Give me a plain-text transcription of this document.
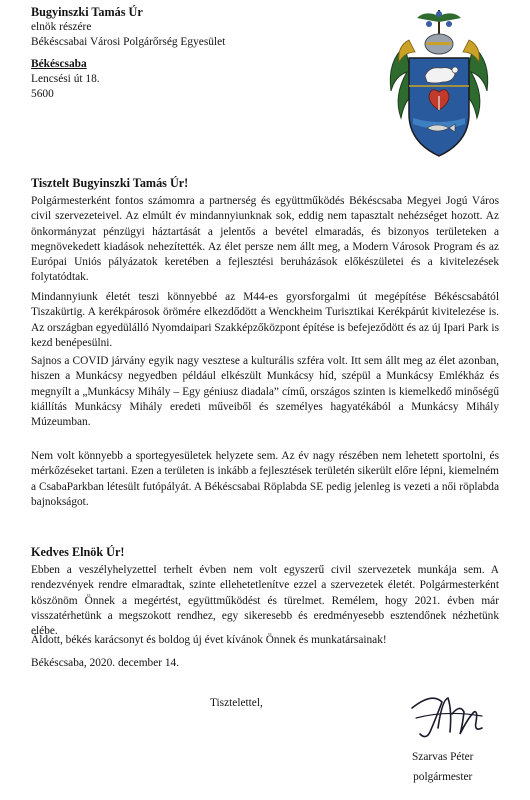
Bugyinszki Tamás Úr
elnök részére
Békéscsabai Városi Polgárőrség Egyesület
Békéscsaba
Lencsési út 18.
5600
Tisztelt Bugyinszki Tamás Úr!
Polgármesterként fontos számomra a partnerség és együttműködés Békéscsaba Megyei Jogú Város civil szervezeteivel. Az elmúlt év mindannyiunknak sok, eddig nem tapasztalt nehézséget hozott. Az önkormányzat pénzügyi háztartását a jelentős a bevétel elmaradás, és bizonyos területeken a megnövekedett kiadások nehezítették. Az élet persze nem állt meg, a Modern Városok Program és az Európai Uniós pályázatok keretében a fejlesztési beruházások előkészületei és a kivitelezések folytatódtak.
Mindannyiunk életét teszi könnyebbé az M44-es gyorsforgalmi út megépítése Békéscsabától Tiszakürtig. A kerékpárosok örömére elkezdődött a Wenckheim Turisztikai Kerékpárút kivitelezése is. Az országban egyedülálló Nyomdaipari Szakképzőközpont építése is befejeződött és az új Ipari Park is kezd benépesülni.
Sajnos a COVID járvány egyik nagy vesztese a kulturális szféra volt. Itt sem állt meg az élet azonban, hiszen a Munkácsy negyedben például elkészült Munkácsy híd, szépül a Munkácsy Emlékház és megnyílt a „Munkácsy Mihály – Egy géniusz diadala” című, országos szinten is kiemelkedő minőségű kiállítás Munkácsy Mihály eredeti műveiből és személyes hagyatékából a Munkácsy Mihály Múzeumban.
Nem volt könnyebb a sportegyesületek helyzete sem. Az év nagy részében nem lehetett sportolni, és mérkőzéseket tartani. Ezen a területen is inkább a fejlesztések területén sikerült előre lépni, kiemelném a CsabaParkban létesült futópályát. A Békéscsabai Röplabda SE pedig jelenleg is vezeti a női röplabda bajnokságot.
Kedves Elnök Úr!
Ebben a veszélyhelyzettel terhelt évben nem volt egyszerű civil szervezetek munkája sem. A rendezvények rendre elmaradtak, szinte ellehetetlenítve ezzel a szervezetek életét. Polgármesterként köszönöm Önnek a megértést, együttműködést és türelmet. Remélem, hogy 2021. évben már visszatérhetünk a megszokott rendhez, egy sikeresebb és eredményesebb esztendőnek nézhetünk elébe.
Áldott, békés karácsonyt és boldog új évet kívánok Önnek és munkatársainak!
Békéscsaba, 2020. december 14.
Tisztelettel,
Szarvas Péter
polgármester
